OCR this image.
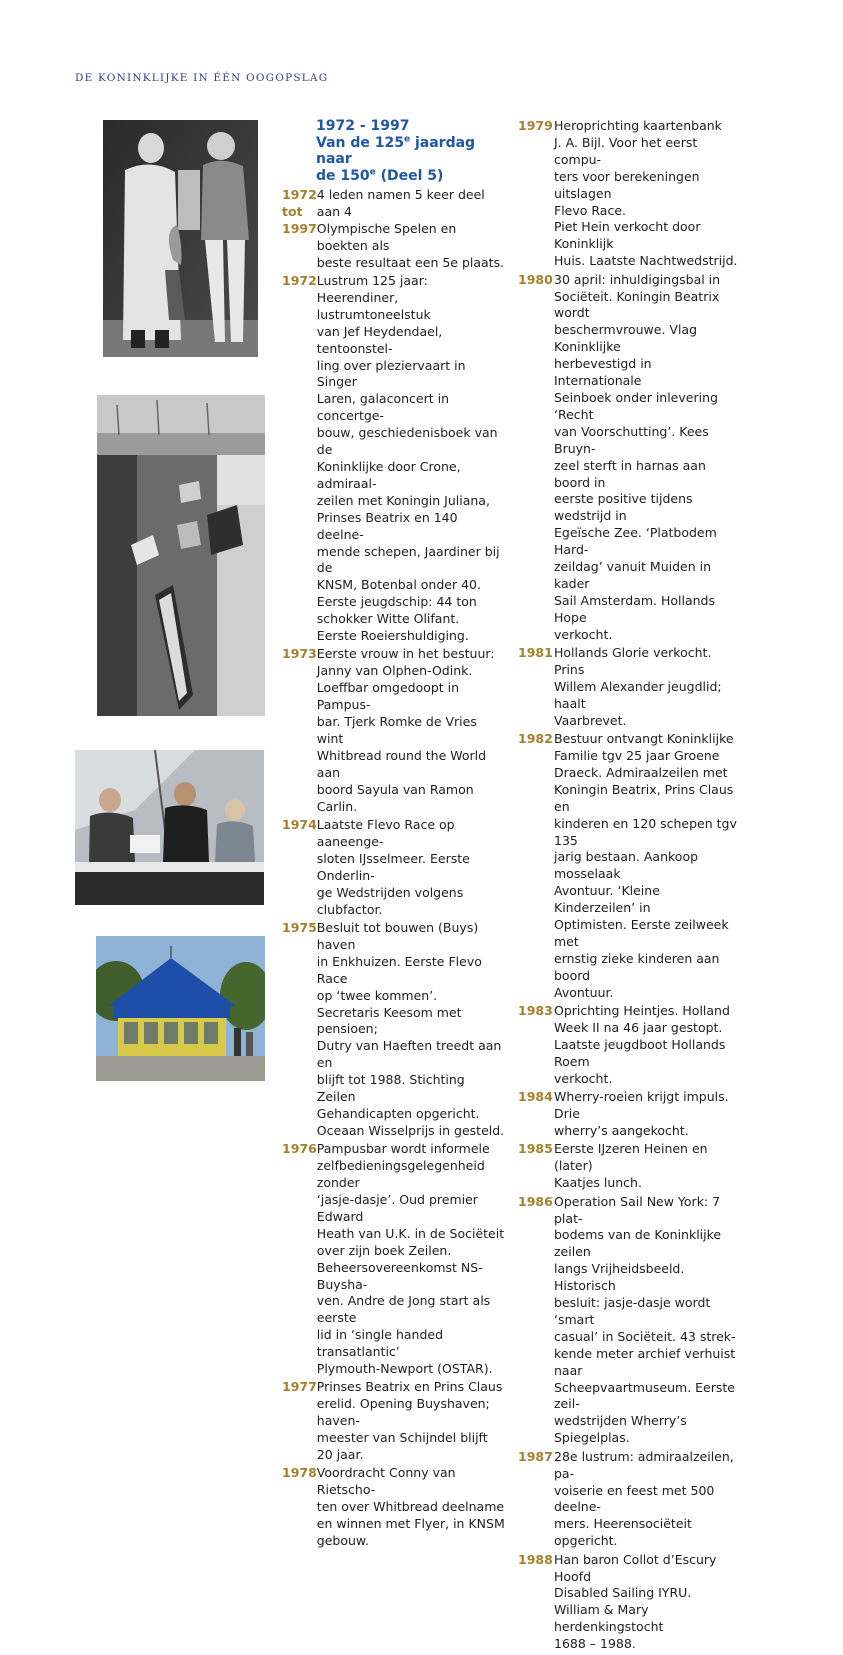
DE KONINKLIJKE IN ÉÉN OOGOPSLAG
1972 - 1997
Van de 125e jaardag naar
de 150e (Deel 5)
1972
tot
1997
4 leden namen 5 keer deel aan 4
Olympische Spelen en boekten als
beste resultaat een 5e plaats.
1972 Lustrum 125 jaar:
Heerendiner, lustrumtoneelstuk
van Jef Heydendael, tentoonstel-
ling over pleziervaart in Singer
Laren, galaconcert in concertge-
bouw, geschiedenisboek van de
Koninklijke door Crone, admiraal-
zeilen met Koningin Juliana,
Prinses Beatrix en 140 deelne-
mende schepen, Jaardiner bij de
KNSM, Botenbal onder 40.
Eerste jeugdschip: 44 ton
schokker Witte Olifant.
Eerste Roeiershuldiging.
1973 Eerste vrouw in het bestuur:
Janny van Olphen-Odink.
Loeffbar omgedoopt in Pampus-
bar. Tjerk Romke de Vries wint
Whitbread round the World aan
boord Sayula van Ramon Carlin.
1974 Laatste Flevo Race op aaneenge-
sloten IJsselmeer. Eerste Onderlin-
ge Wedstrijden volgens clubfactor.
1975 Besluit tot bouwen (Buys) haven
in Enkhuizen. Eerste Flevo Race
op ‘twee kommen’.
Secretaris Keesom met pensioen;
Dutry van Haeften treedt aan en
blijft tot 1988. Stichting Zeilen
Gehandicapten opgericht.
Oceaan Wisselprijs in gesteld.
1976 Pampusbar wordt informele
zelfbedieningsgelegenheid zonder
‘jasje-dasje’. Oud premier Edward
Heath van U.K. in de Sociëteit
over zijn boek Zeilen.
Beheersovereenkomst NS-Buysha-
ven. Andre de Jong start als eerste
lid in ‘single handed transatlantic’
Plymouth-Newport (OSTAR).
1977 Prinses Beatrix en Prins Claus
erelid. Opening Buyshaven; haven-
meester van Schijndel blijft 20 jaar.
1978 Voordracht Conny van Rietscho-
ten over Whitbread deelname
en winnen met Flyer, in KNSM
gebouw.
1979 Heroprichting kaartenbank
J. A. Bijl. Voor het eerst compu-
ters voor berekeningen uitslagen
Flevo Race.
Piet Hein verkocht door Koninklijk
Huis. Laatste Nachtwedstrijd.
1980 30 april: inhuldigingsbal in
Sociëteit. Koningin Beatrix wordt
beschermvrouwe. Vlag Koninklijke
herbevestigd in Internationale
Seinboek onder inlevering ‘Recht
van Voorschutting’. Kees Bruyn-
zeel sterft in harnas aan boord in
eerste positive tijdens wedstrijd in
Egeïsche Zee. ‘Platbodem Hard-
zeildag’ vanuit Muiden in kader
Sail Amsterdam. Hollands Hope
verkocht.
1981 Hollands Glorie verkocht. Prins
Willem Alexander jeugdlid; haalt
Vaarbrevet.
1982 Bestuur ontvangt Koninklijke
Familie tgv 25 jaar Groene
Draeck. Admiraalzeilen met
Koningin Beatrix, Prins Claus en
kinderen en 120 schepen tgv 135
jarig bestaan. Aankoop mosselaak
Avontuur. ‘Kleine Kinderzeilen’ in
Optimisten. Eerste zeilweek met
ernstig zieke kinderen aan boord
Avontuur.
1983 Oprichting Heintjes. Holland
Week II na 46 jaar gestopt.
Laatste jeugdboot Hollands Roem
verkocht.
1984 Wherry-roeien krijgt impuls. Drie
wherry’s aangekocht.
1985 Eerste IJzeren Heinen en (later)
Kaatjes lunch.
1986 Operation Sail New York: 7 plat-
bodems van de Koninklijke zeilen
langs Vrijheidsbeeld. Historisch
besluit: jasje-dasje wordt ‘smart
casual’ in Sociëteit. 43 strek-
kende meter archief verhuist naar
Scheepvaartmuseum. Eerste zeil-
wedstrijden Wherry’s Spiegelplas.
1987 28e lustrum: admiraalzeilen, pa-
voiserie en feest met 500 deelne-
mers. Heerensociëteit opgericht.
1988 Han baron Collot d’Escury Hoofd
Disabled Sailing IYRU.
William & Mary herdenkingstocht
1688 – 1988.
